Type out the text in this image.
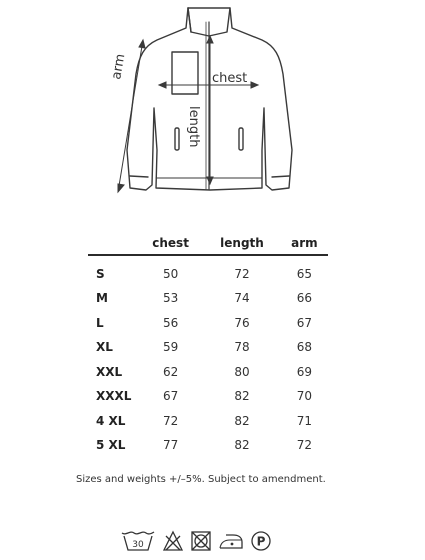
arm	chest
length
	chest	length	arm

S	50	72	65
M	53	74	66
L	56	76	67
XL	59	78	68
XXL	62	80	69
XXXL	67	82	70
4 XL	72	82	71
5 XL	77	82	72
Sizes and weights +/–5%. Subject to amendment.
30	P
